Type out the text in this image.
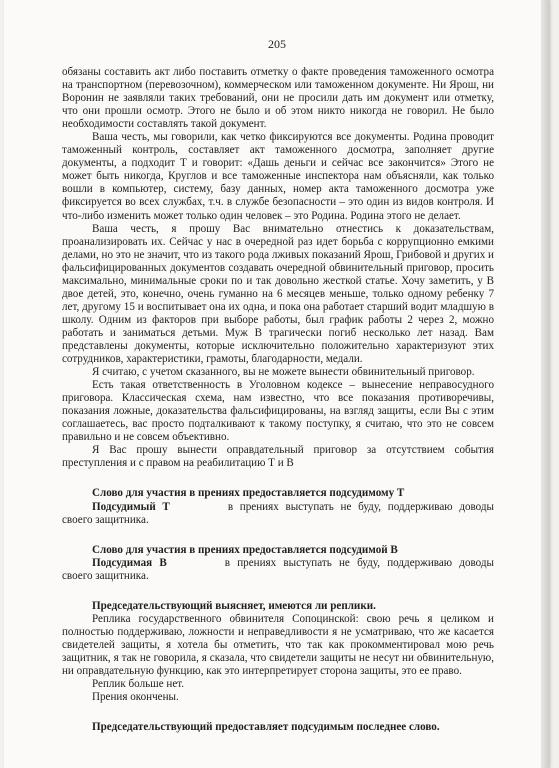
205

обязаны составить акт либо поставить отметку о факте проведения таможенного осмотра на транспортном (перевозочном), коммерческом или таможенном документе. Ни Ярош, ни Воронин не заявляли таких требований, они не просили дать им документ или отметку, что они прошли осмотр. Этого не было и об этом никто никогда не говорил. Не было необходимости составлять такой документ.

Ваша честь, мы говорили, как четко фиксируются все документы. Родина проводит таможенный контроль, составляет акт таможенного досмотра, заполняет другие документы, а подходит Т и говорит: «Дашь деньги и сейчас все закончится» Этого не может быть никогда, Круглов и все таможенные инспектора нам объясняли, как только вошли в компьютер, систему, базу данных, номер акта таможенного досмотра уже фиксируется во всех службах, т.ч. в службе безопасности – это один из видов контроля. И что-либо изменить может только один человек – это Родина. Родина этого не делает.

Ваша честь, я прошу Вас внимательно отнестись к доказательствам, проанализировать их. Сейчас у нас в очередной раз идет борьба с коррупционно емкими делами, но это не значит, что из такого рода лживых показаний Ярош, Грибовой и других и фальсифицированных документов создавать очередной обвинительный приговор, просить максимально, минимальные сроки по и так довольно жесткой статье. Хочу заметить, у В двое детей, это, конечно, очень гуманно на 6 месяцев меньше, только одному ребенку 7 лет, другому 15 и воспитывает она их одна, и пока она работает старший водит младшую в школу. Одним из факторов при выборе работы, был график работы 2 через 2, можно работать и заниматься детьми. Муж В трагически погиб несколько лет назад. Вам представлены документы, которые исключительно положительно характеризуют этих сотрудников, характеристики, грамоты, благодарности, медали.

Я считаю, с учетом сказанного, вы не можете вынести обвинительный приговор.

Есть такая ответственность в Уголовном кодексе – вынесение неправосудного приговора. Классическая схема, нам известно, что все показания противоречивы, показания ложные, доказательства фальсифицированы, на взгляд защиты, если Вы с этим соглашаетесь, вас просто подталкивают к такому поступку, я считаю, что это не совсем правильно и не совсем объективно.

Я Вас прошу вынести оправдательный приговор за отсутствием события преступления и с правом на реабилитацию Т и В

Слово для участия в прениях предоставляется подсудимому Т

Подсудимый Т	в прениях выступать не буду, поддерживаю доводы своего защитника.

Слово для участия в прениях предоставляется подсудимой В

Подсудимая В	в прениях выступать не буду, поддерживаю доводы своего защитника.

Председательствующий выясняет, имеются ли реплики.

Реплика государственного обвинителя Сопоцинской: свою речь я целиком и полностью поддерживаю, ложности и неправедливости я не усматриваю, что же касается свидетелей защиты, я хотела бы отметить, что так как прокомментировал мою речь защитник, я так не говорила, я сказала, что свидетели защиты не несут ни обвинительную, ни оправдательную функцию, как это интерпретирует сторона защиты, это ее право.

Реплик больше нет.

Прения окончены.

Председательствующий предоставляет подсудимым последнее слово.
